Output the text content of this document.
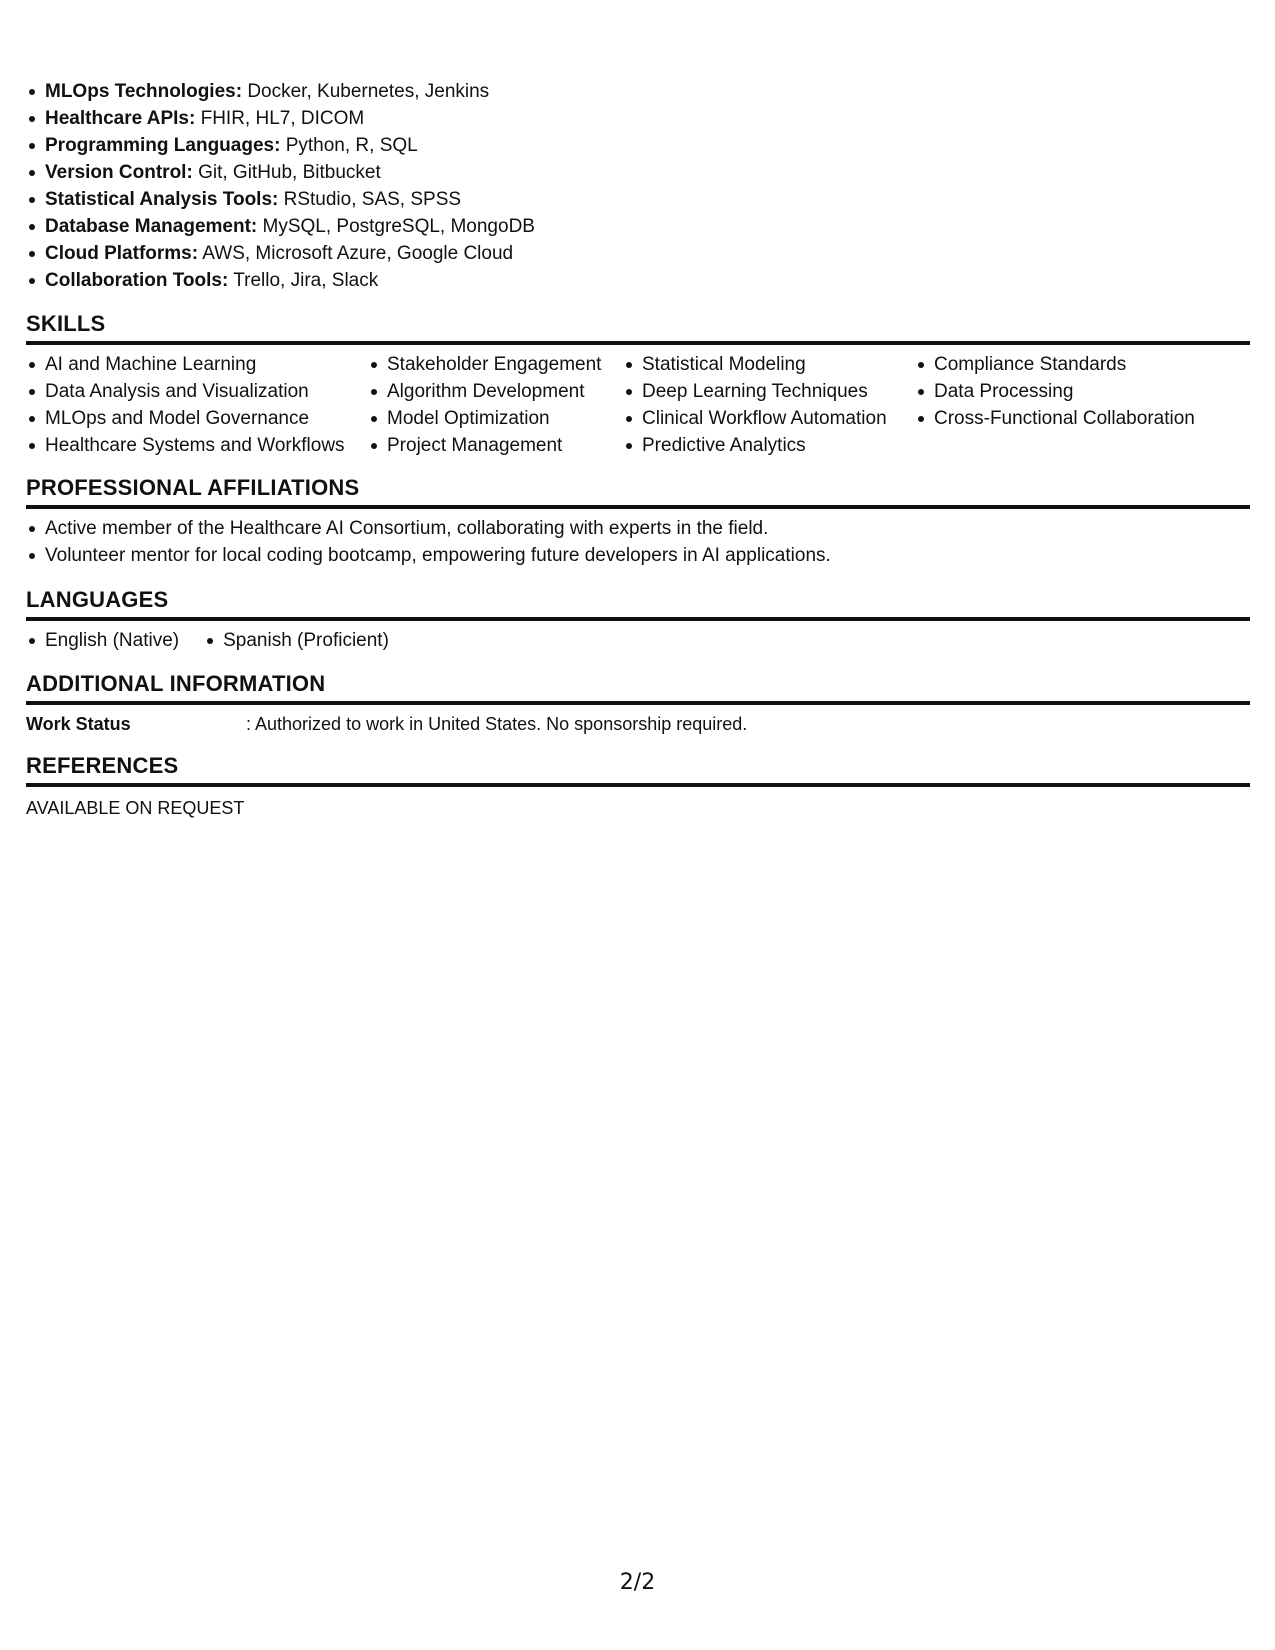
MLOps Technologies: Docker, Kubernetes, Jenkins
Healthcare APIs: FHIR, HL7, DICOM
Programming Languages: Python, R, SQL
Version Control: Git, GitHub, Bitbucket
Statistical Analysis Tools: RStudio, SAS, SPSS
Database Management: MySQL, PostgreSQL, MongoDB
Cloud Platforms: AWS, Microsoft Azure, Google Cloud
Collaboration Tools: Trello, Jira, Slack
SKILLS
AI and Machine Learning
Data Analysis and Visualization
MLOps and Model Governance
Healthcare Systems and Workflows
Stakeholder Engagement
Algorithm Development
Model Optimization
Project Management
Statistical Modeling
Deep Learning Techniques
Clinical Workflow Automation
Predictive Analytics
Compliance Standards
Data Processing
Cross-Functional Collaboration
PROFESSIONAL AFFILIATIONS
Active member of the Healthcare AI Consortium, collaborating with experts in the field.
Volunteer mentor for local coding bootcamp, empowering future developers in AI applications.
LANGUAGES
English (Native)	Spanish (Proficient)
ADDITIONAL INFORMATION
Work Status	: Authorized to work in United States. No sponsorship required.
REFERENCES
AVAILABLE ON REQUEST
2/2
